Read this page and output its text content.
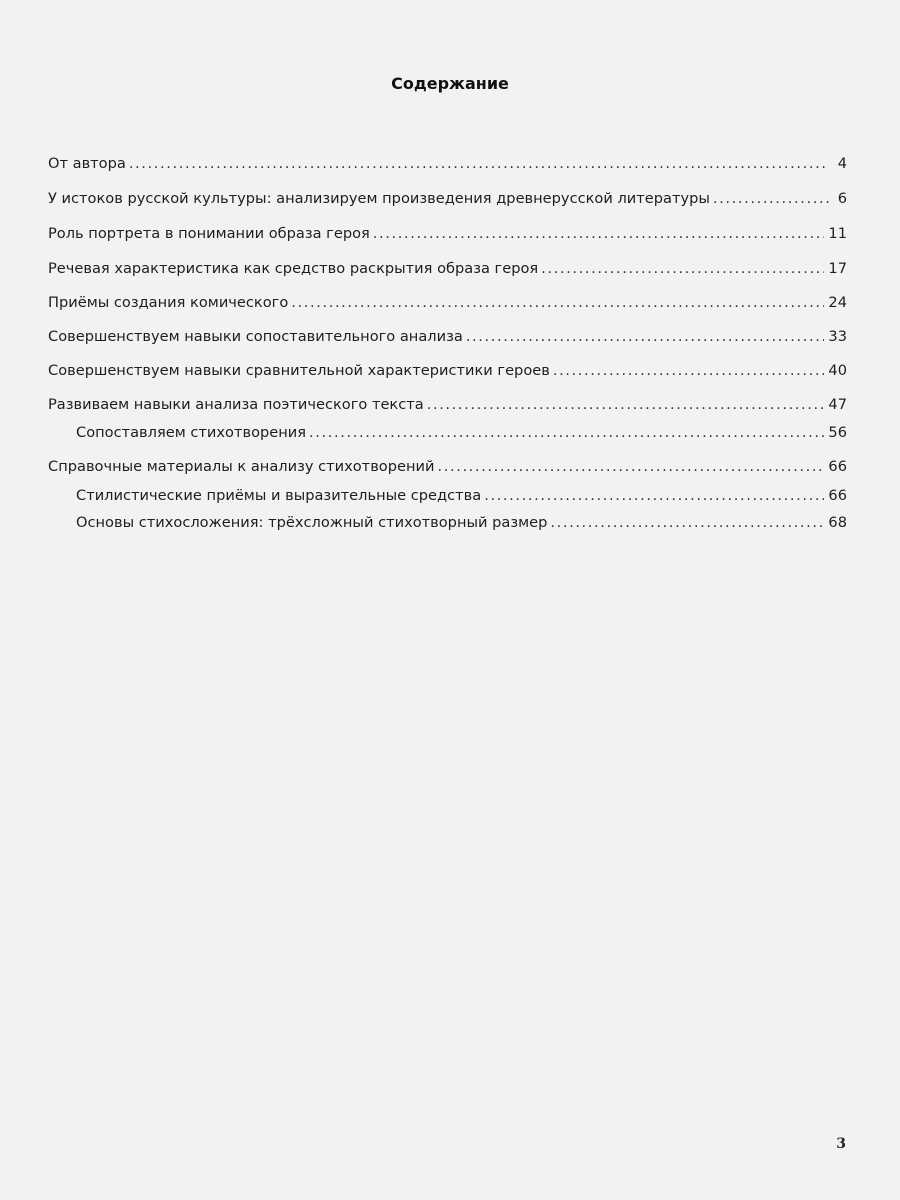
Содержание
От автора .....	4
У истоков русской культуры: анализируем произведения древнерусской литературы .....	6
Роль портрета в понимании образа героя .....	11
Речевая характеристика как средство раскрытия образа героя .....	17
Приёмы создания комического .....	24
Совершенствуем навыки сопоставительного анализа .....	33
Совершенствуем навыки сравнительной характеристики героев .....	40
Развиваем навыки анализа поэтического текста .....	47
Сопоставляем стихотворения .....	56
Справочные материалы к анализу стихотворений .....	66
Стилистические приёмы и выразительные средства .....	66
Основы стихосложения: трёхсложный стихотворный размер .....	68
3
